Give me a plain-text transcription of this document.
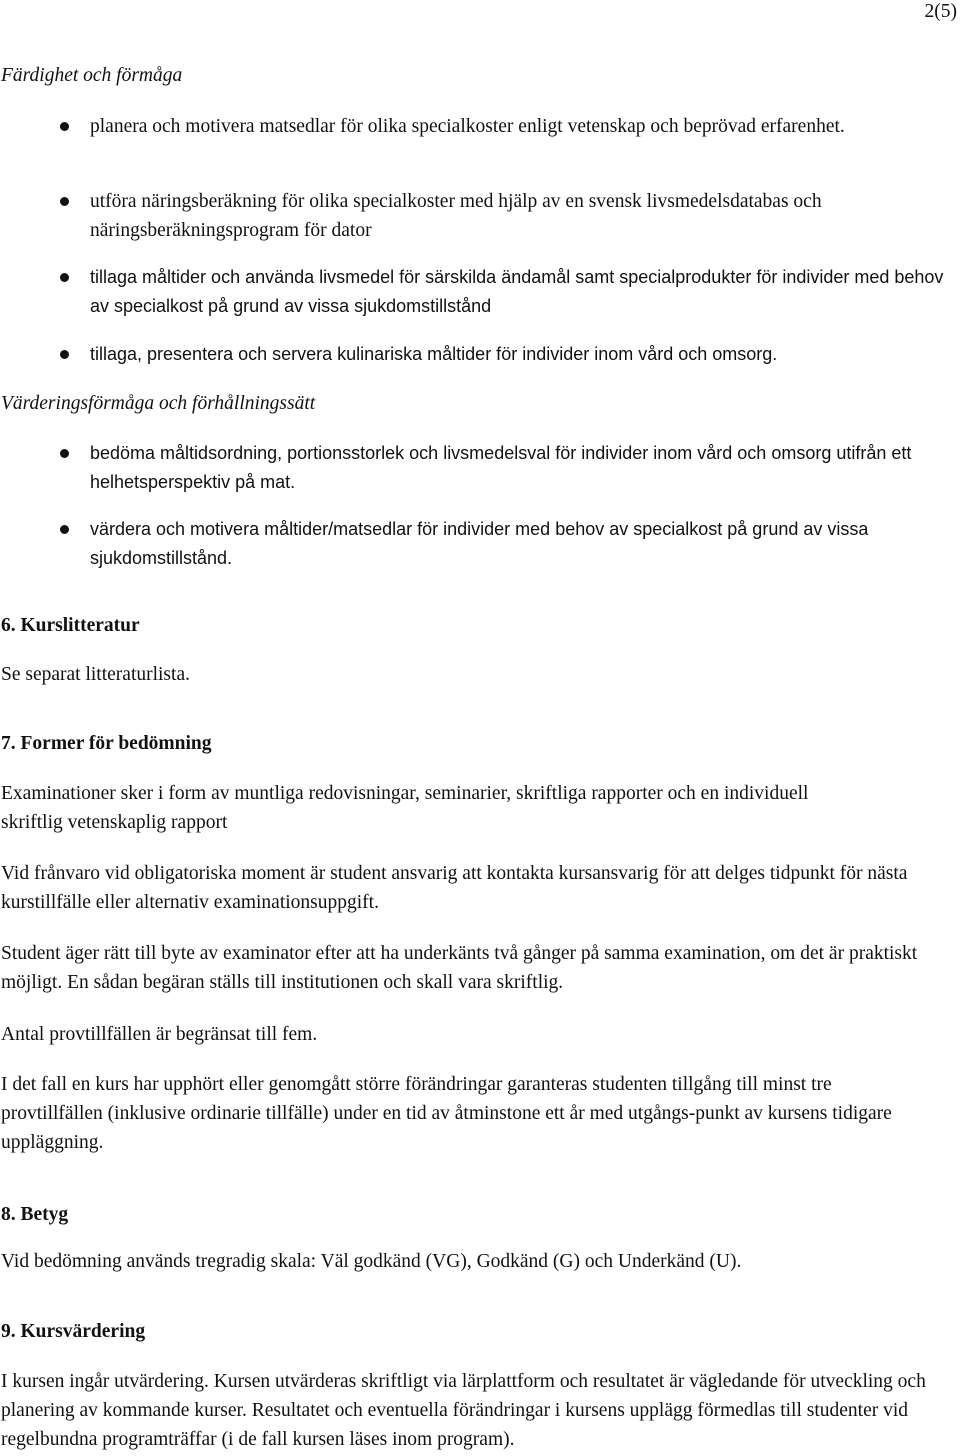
2(5)
Färdighet och förmåga
planera och motivera matsedlar för olika specialkoster enligt vetenskap och beprövad erfarenhet.
utföra näringsberäkning för olika specialkoster med hjälp av en svensk livsmedelsdatabas och näringsberäkningsprogram för dator
tillaga måltider och använda livsmedel för särskilda ändamål samt specialprodukter för individer med behov av specialkost på grund av vissa sjukdomstillstånd
tillaga, presentera och servera kulinariska måltider för individer inom vård och omsorg.
Värderingsförmåga och förhållningssätt
bedöma måltidsordning, portionsstorlek och livsmedelsval för individer inom vård och omsorg utifrån ett helhetsperspektiv på mat.
värdera och motivera måltider/matsedlar för individer med behov av specialkost på grund av vissa sjukdomstillstånd.
6. Kurslitteratur

Se separat litteraturlista.

7. Former för bedömning

Examinationer sker i form av muntliga redovisningar, seminarier, skriftliga rapporter och en individuell skriftlig vetenskaplig rapport

Vid frånvaro vid obligatoriska moment är student ansvarig att kontakta kursansvarig för att delges tidpunkt för nästa kurstillfälle eller alternativ examinationsuppgift.

Student äger rätt till byte av examinator efter att ha underkänts två gånger på samma examination, om det är praktiskt möjligt. En sådan begäran ställs till institutionen och skall vara skriftlig.

Antal provtillfällen är begränsat till fem.

I det fall en kurs har upphört eller genomgått större förändringar garanteras studenten tillgång till minst tre provtillfällen (inklusive ordinarie tillfälle) under en tid av åtminstone ett år med utgångs-punkt av kursens tidigare uppläggning.

8. Betyg

Vid bedömning används tregradig skala: Väl godkänd (VG), Godkänd (G) och Underkänd (U).

9. Kursvärdering

I kursen ingår utvärdering. Kursen utvärderas skriftligt via lärplattform och resultatet är vägledande för utveckling och planering av kommande kurser. Resultatet och eventuella förändringar i kursens upplägg förmedlas till studenter vid regelbundna programträffar (i de fall kursen läses inom program).
